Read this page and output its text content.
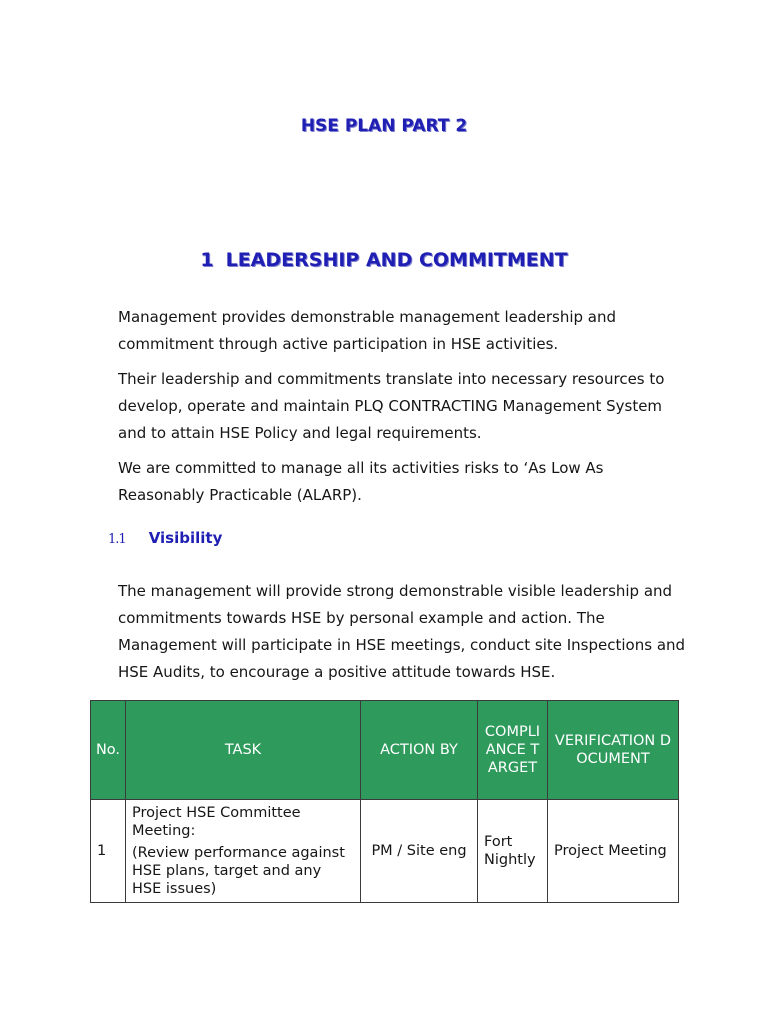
HSE PLAN PART 2
1 LEADERSHIP AND COMMITMENT

Management provides demonstrable management leadership and commitment through active participation in HSE activities.

Their leadership and commitments translate into necessary resources to develop, operate and maintain PLQ CONTRACTING Management System and to attain HSE Policy and legal requirements.

We are committed to manage all its activities risks to ‘As Low As Reasonably Practicable (ALARP).

1.1 Visibility

The management will provide strong demonstrable visible leadership and commitments towards HSE by personal example and action. The Management will participate in HSE meetings, conduct site Inspections and HSE Audits, to encourage a positive attitude towards HSE.

No.	TASK	ACTION BY	COMPLIANCE TARGET	VERIFICATION DOCUMENT
1	Project HSE Committee Meeting:

(Review performance against HSE plans, target and any HSE issues)	PM / Site eng	Fort Nightly	Project Meeting
